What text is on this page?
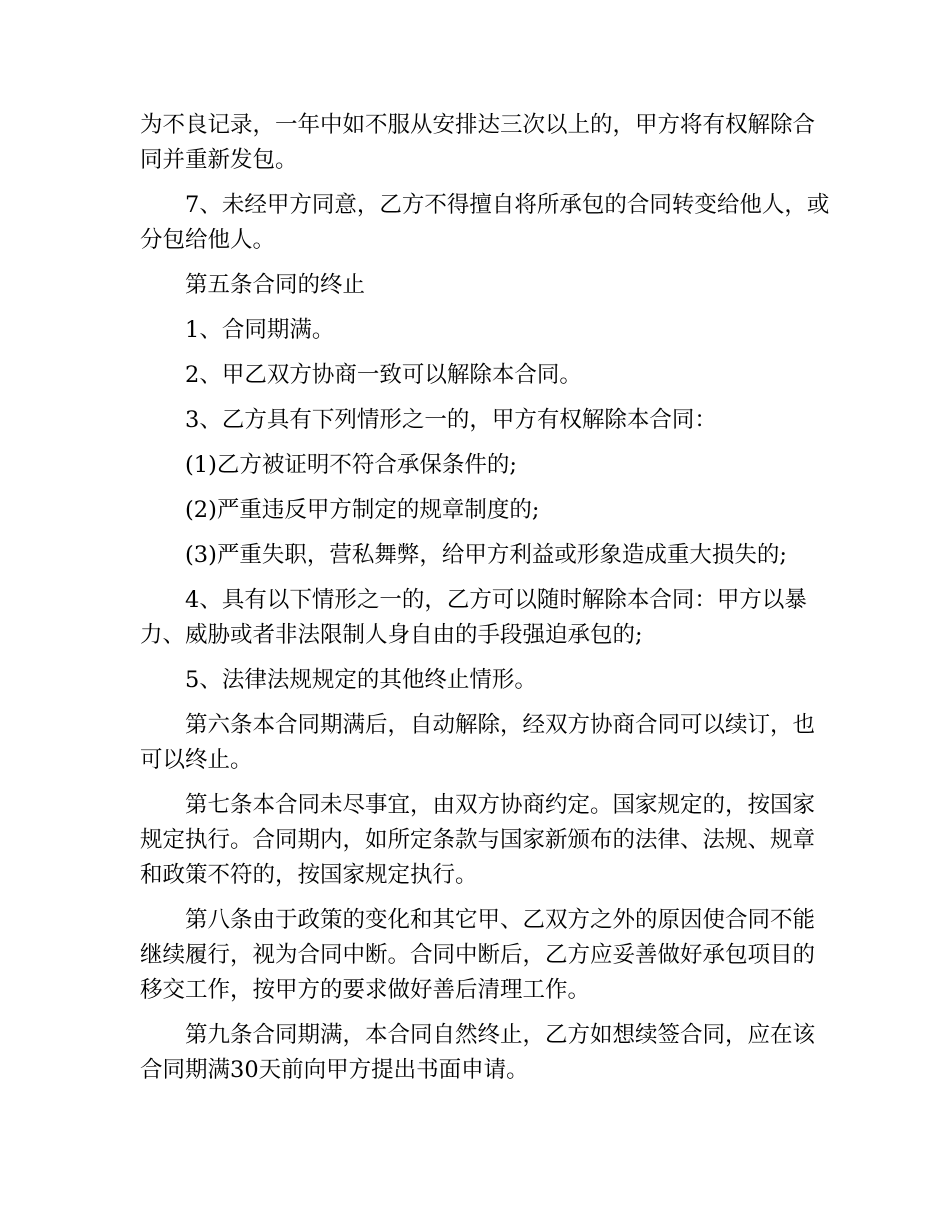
为不良记录，一年中如不服从安排达三次以上的，甲方将有权解除合同并重新发包。

7、未经甲方同意，乙方不得擅自将所承包的合同转变给他人，或分包给他人。

第五条合同的终止

1、合同期满。

2、甲乙双方协商一致可以解除本合同。

3、乙方具有下列情形之一的，甲方有权解除本合同：

(1)乙方被证明不符合承保条件的;

(2)严重违反甲方制定的规章制度的;

(3)严重失职，营私舞弊，给甲方利益或形象造成重大损失的;

4、具有以下情形之一的，乙方可以随时解除本合同：甲方以暴力、威胁或者非法限制人身自由的手段强迫承包的;

5、法律法规规定的其他终止情形。

第六条本合同期满后，自动解除，经双方协商合同可以续订，也可以终止。

第七条本合同未尽事宜，由双方协商约定。国家规定的，按国家规定执行。合同期内，如所定条款与国家新颁布的法律、法规、规章和政策不符的，按国家规定执行。

第八条由于政策的变化和其它甲、乙双方之外的原因使合同不能继续履行，视为合同中断。合同中断后，乙方应妥善做好承包项目的移交工作，按甲方的要求做好善后清理工作。

第九条合同期满，本合同自然终止，乙方如想续签合同，应在该合同期满30天前向甲方提出书面申请。
